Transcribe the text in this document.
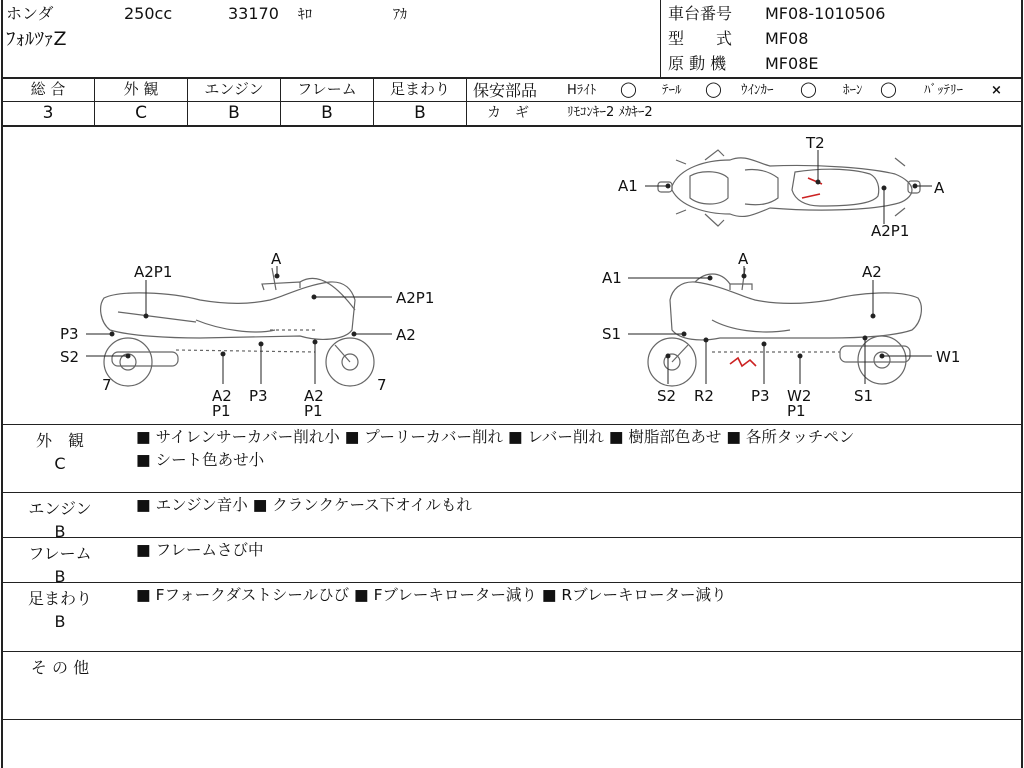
ホンダ	250cc	33170 ｷﾛ	ｱｶ
ﾌｫﾙﾂｧZ
車台番号 MF08-1010506
型　　式 MF08
原 動 機 MF08E
総 合	外 観	エンジン	フレーム	足まわり
3	C	B	B	B
保安部品 Hﾗｲﾄ ◯ ﾃｰﾙ ◯ ｳｲﾝｶｰ ◯ ﾎｰﾝ ◯ ﾊﾞｯﾃﾘｰ ×
カ　ギ	ﾘﾓｺﾝｷｰ2 ﾒｶｷｰ2
T2
A1	A
A2P1
A
A2P1
A2P1
P3
S2
A2
7
A2
P1
P3 A2
P1
7
A
A1	A2
S1
W1
S2 R2 P3 W2
P1
S1
外　観
C
■ サイレンサーカバー削れ小 ■ プーリーカバー削れ ■ レバー削れ ■ 樹脂部色あせ ■ 各所タッチペン
■ シート色あせ小
エンジン
B
■ エンジン音小 ■ クランクケース下オイルもれ
フレーム
B
■ フレームさび中
足まわり
B
■ Fフォークダストシールひび ■ Fブレーキローター減り ■ Rブレーキローター減り
そ の 他
